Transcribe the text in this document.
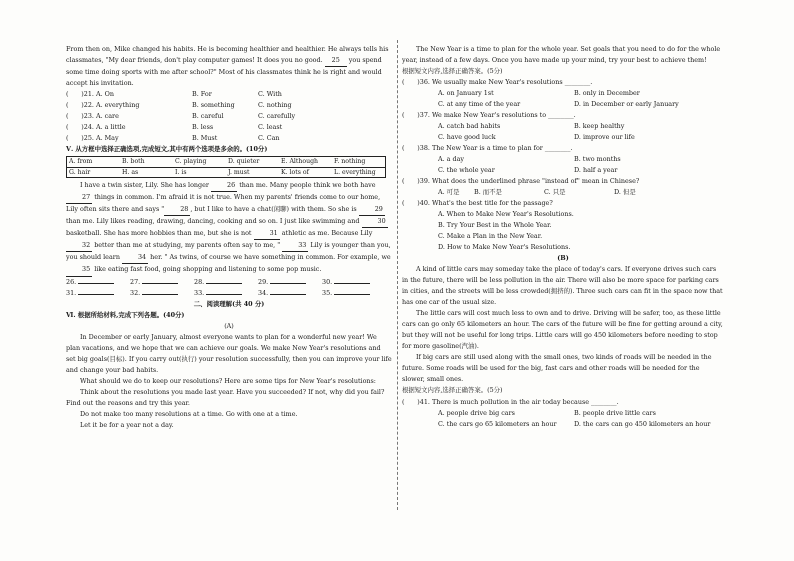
From then on, Mike changed his habits. He is becoming healthier and healthier. He always tells his classmates, "My dear friends, don't play computer games! It does you no good. 25 you spend some time doing sports with me after school?" Most of his classmates think he is right and would accept his invitation.

(　　)21. A. On	B. For	C. With
(　　)22. A. everything	B. something	C. nothing
(　　)23. A. care	B. careful	C. carefully
(　　)24. A. a little	B. less	C. least
(　　)25. A. May	B. Must	C. Can

Ⅴ. 从方框中选择正确选项,完成短文,其中有两个选项是多余的。(10分)

A. from	B. both	C. playing	D. quieter	E. Although	F. nothing
G. hair	H. as	I. is	J. must	K. lots of	L. everything

I have a twin sister, Lily. She has longer	26 than me. Many people think we both have 27 things in common. I'm afraid it is not true. When my parents' friends come to our home, Lily often sits there and says "	28 , but I like to have a chat(闲聊) with them. So she is	29 than me. Lily likes reading, drawing, dancing, cooking and so on. I just like swimming and	30 basketball. She has more hobbies than me, but she is not	31 athletic as me. Because Lily 32 better than me at studying, my parents often say to me, "	33 Lily is younger than you, you should learn	34 her. " As twins, of course we have something in common. For example, we 35 like eating fast food, going shopping and listening to some pop music.

26.	27.	28.	29.	30.
31.	32.	33.	34.	35.

二、阅读理解(共 40 分)

Ⅵ. 根据所给材料,完成下列各题。(40分)

(A)

In December or early January, almost everyone wants to plan for a wonderful new year! We plan vacations, and we hope that we can achieve our goals. We make New Year's resolutions and set big goals(目标). If you carry out(执行) your resolution successfully, then you can improve your life and change your bad habits.

What should we do to keep our resolutions? Here are some tips for New Year's resolutions:

Think about the resolutions you made last year. Have you succeeded? If not, why did you fail? Find out the reasons and try this year.

Do not make too many resolutions at a time. Go with one at a time.

Let it be for a year not a day.

The New Year is a time to plan for the whole year. Set goals that you need to do for the whole year, instead of a few days. Once you have made up your mind, try your best to achieve them!

根据短文内容,选择正确答案。(5分)

(　　)36. We usually make New Year's resolutions ________.

A. on January 1st	B. only in December
C. at any time of the year	D. in December or early January

(　　)37. We make New Year's resolutions to ________.

A. catch bad habits	B. keep healthy
C. have good luck	D. improve our life

(　　)38. The New Year is a time to plan for ________.

A. a day	B. two months
C. the whole year	D. half a year

(　　)39. What does the underlined phrase "instead of" mean in Chinese?

A. 可是	B. 而不是	C. 只是	D. 但是

(　　)40. What's the best title for the passage?

A. When to Make New Year's Resolutions.

B. Try Your Best in the Whole Year.

C. Make a Plan in the New Year.

D. How to Make New Year's Resolutions.

(B)

A kind of little cars may someday take the place of today's cars. If everyone drives such cars in the future, there will be less pollution in the air. There will also be more space for parking cars in cities, and the streets will be less crowded(拥挤的). Three such cars can fit in the space now that has one car of the usual size.

The little cars will cost much less to own and to drive. Driving will be safer, too, as these little cars can go only 65 kilometers an hour. The cars of the future will be fine for getting around a city, but they will not be useful for long trips. Little cars will go 450 kilometers before needing to stop for more gasoline(汽油).

If big cars are still used along with the small ones, two kinds of roads will be needed in the future. Some roads will be used for the big, fast cars and other roads will be needed for the slower, small ones.

根据短文内容,选择正确答案。(5分)

(　　)41. There is much pollution in the air today because ________.

A. people drive big cars	B. people drive little cars
C. the cars go 65 kilometers an hour	D. the cars can go 450 kilometers an hour
